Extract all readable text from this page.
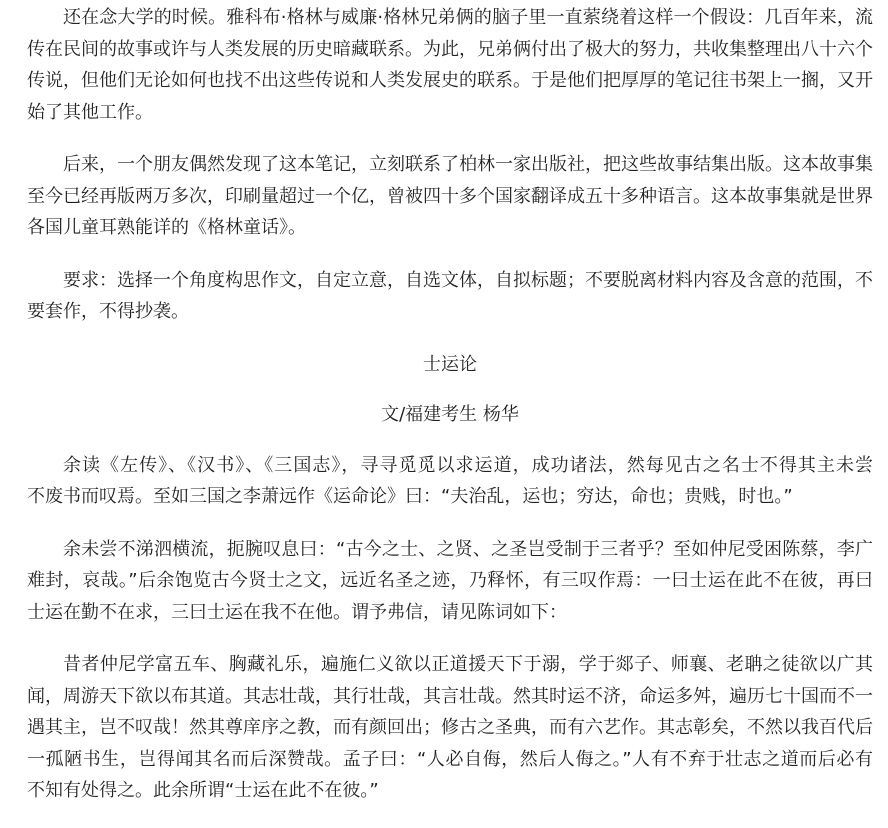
还在念大学的时候。雅科布·格林与威廉·格林兄弟俩的脑子里一直萦绕着这样一个假设：几百年来，流
传在民间的故事或许与人类发展的历史暗藏联系。为此，兄弟俩付出了极大的努力，共收集整理出八十六个
传说，但他们无论如何也找不出这些传说和人类发展史的联系。于是他们把厚厚的笔记往书架上一搁，又开
始了其他工作。
后来，一个朋友偶然发现了这本笔记，立刻联系了柏林一家出版社，把这些故事结集出版。这本故事集
至今已经再版两万多次，印刷量超过一个亿，曾被四十多个国家翻译成五十多种语言。这本故事集就是世界
各国儿童耳熟能详的《格林童话》。
要求：选择一个角度构思作文，自定立意，自选文体，自拟标题；不要脱离材料内容及含意的范围，不
要套作，不得抄袭。
士运论
文/福建考生 杨华
余读《左传》、《汉书》、《三国志》，寻寻觅觅以求运道，成功诸法，然每见古之名士不得其主未尝
不废书而叹焉。至如三国之李萧远作《运命论》曰：“夫治乱，运也；穷达，命也；贵贱，时也。”
余未尝不涕泗横流，扼腕叹息曰：“古今之士、之贤、之圣岂受制于三者乎？至如仲尼受困陈蔡，李广
难封，哀哉。”后余饱览古今贤士之文，远近名圣之迹，乃释怀，有三叹作焉：一曰士运在此不在彼，再曰
士运在勤不在求，三曰士运在我不在他。谓予弗信，请见陈词如下：
昔者仲尼学富五车、胸藏礼乐，遍施仁义欲以正道援天下于溺，学于郯子、师襄、老聃之徒欲以广其
闻，周游天下欲以布其道。其志壮哉，其行壮哉，其言壮哉。然其时运不济，命运多舛，遍历七十国而不一
遇其主，岂不叹哉！然其尊庠序之教，而有颜回出；修古之圣典，而有六艺作。其志彰矣，不然以我百代后
一孤陋书生，岂得闻其名而后深赞哉。孟子曰：“人必自侮，然后人侮之。”人有不弃于壮志之道而后必有
不知有处得之。此余所谓“士运在此不在彼。”
